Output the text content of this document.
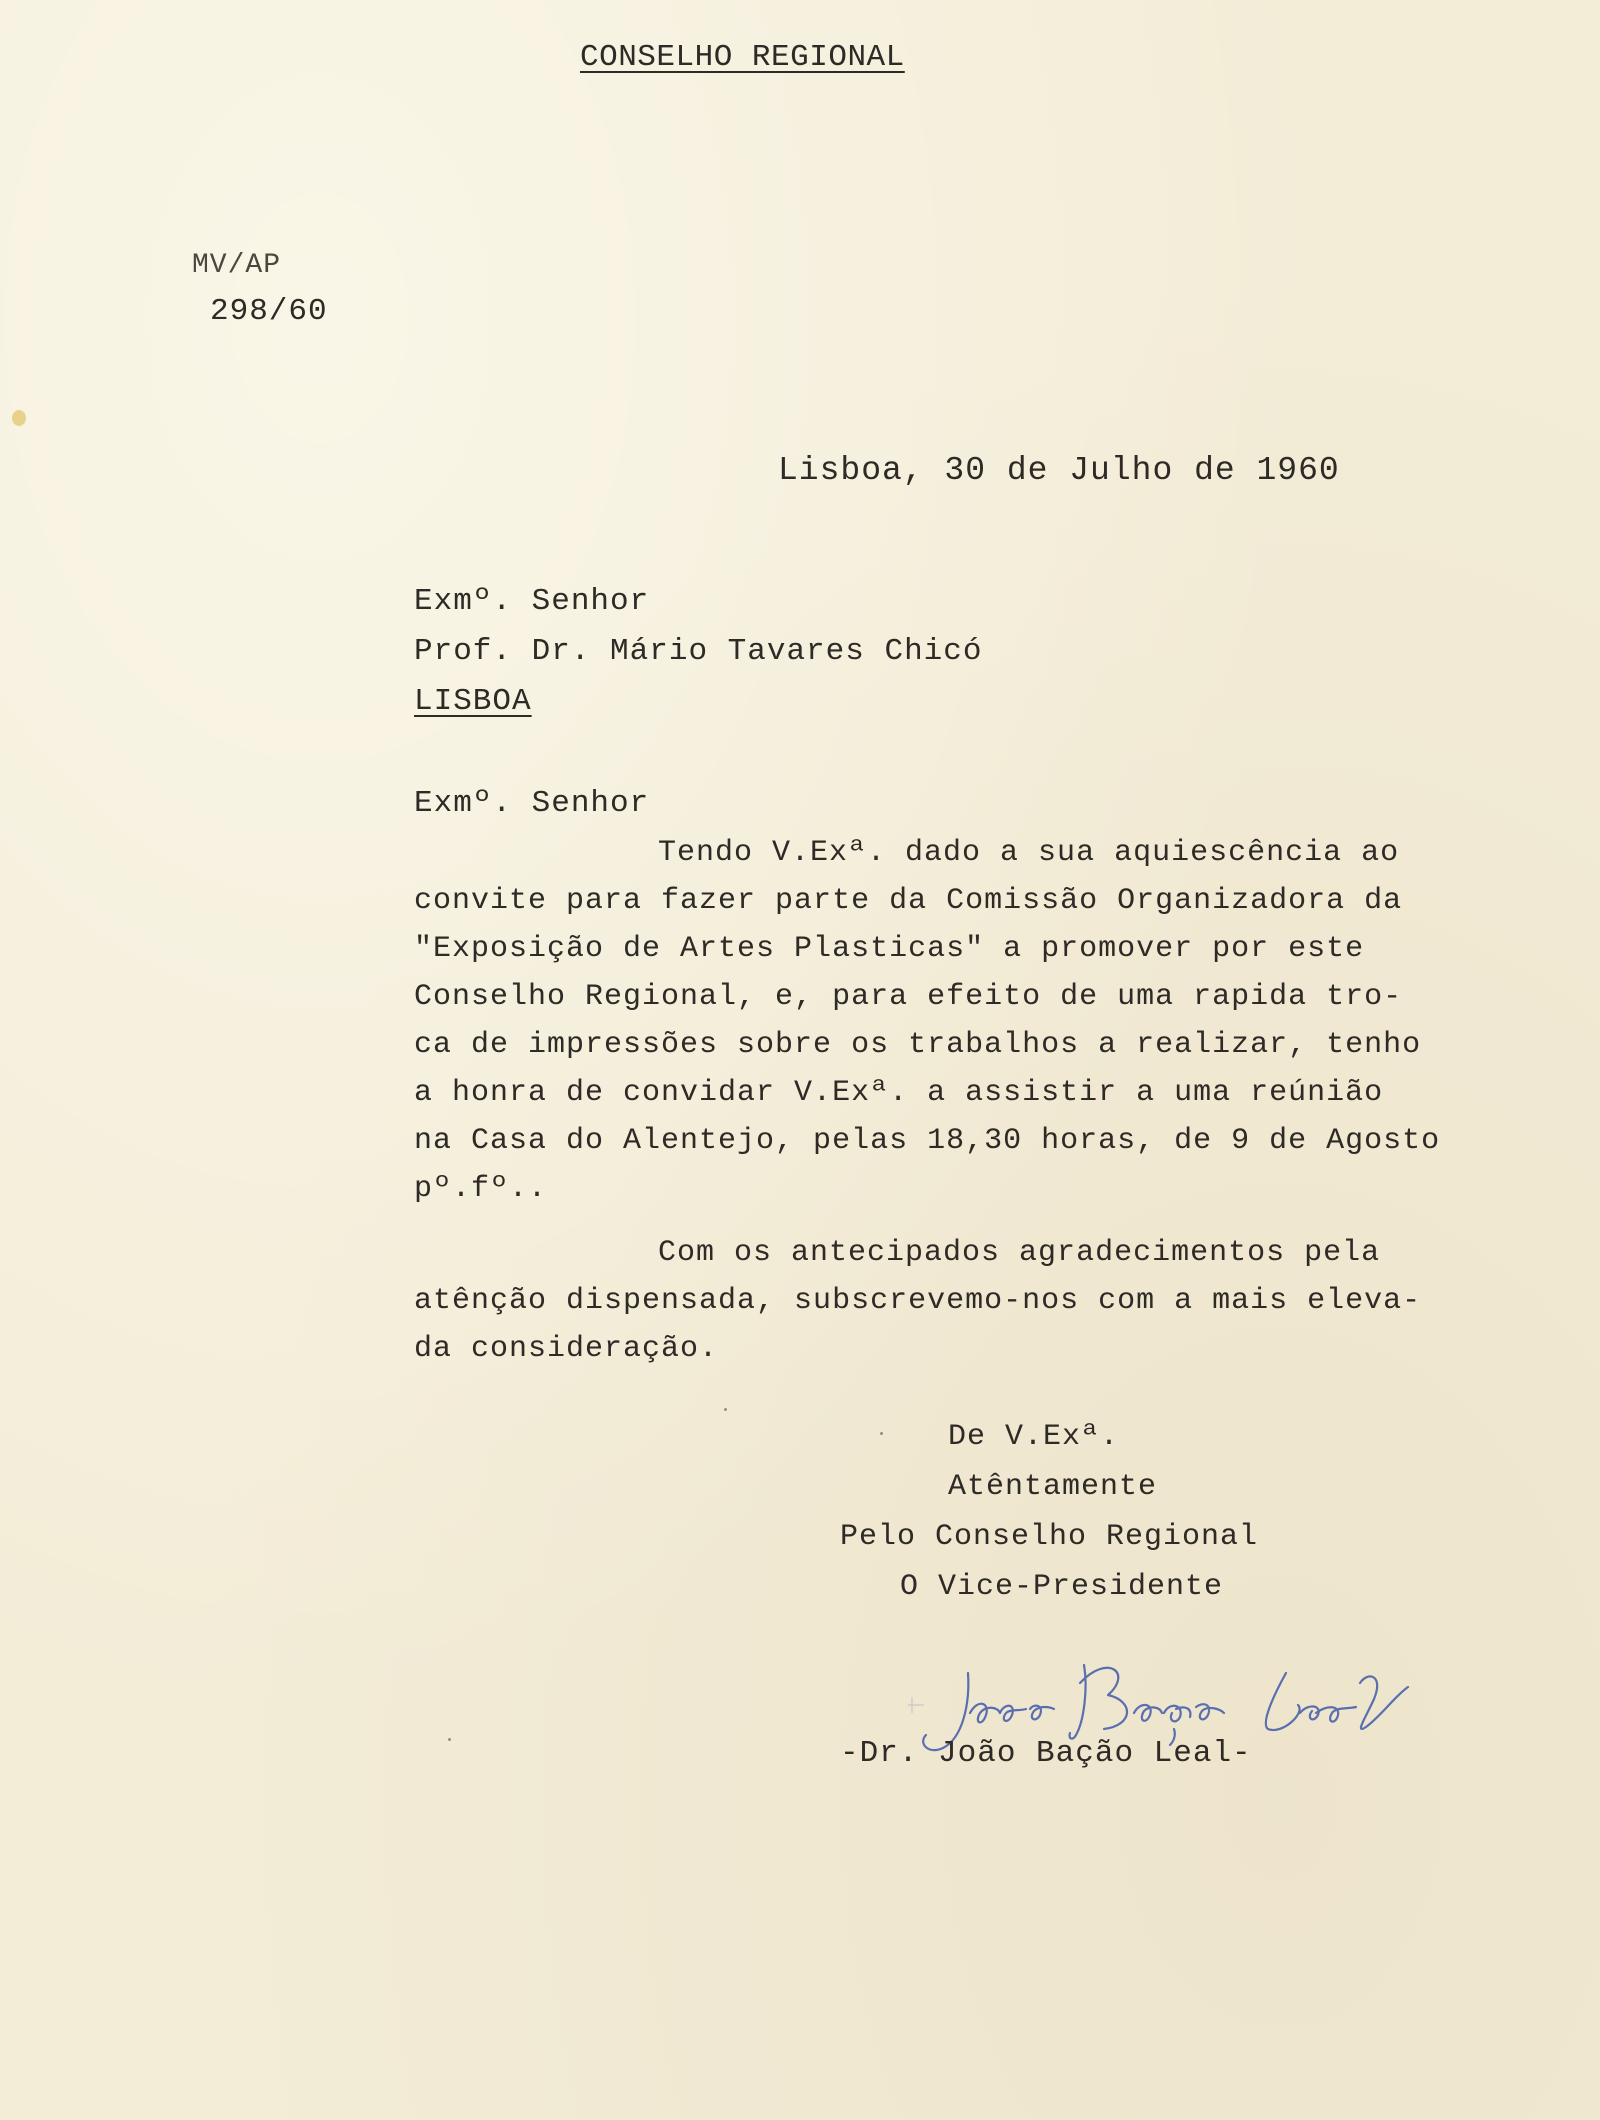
CONSELHO REGIONAL
MV/AP
298/60
Lisboa, 30 de Julho de 1960
Exmº. Senhor
Prof. Dr. Mário Tavares Chicó
LISBOA
Exmº. Senhor
Tendo V.Exª. dado a sua aquiescência ao
convite para fazer parte da Comissão Organizadora da
"Exposição de Artes Plasticas" a promover por este
Conselho Regional, e, para efeito de uma rapida tro-
ca de impressões sobre os trabalhos a realizar, tenho
a honra de convidar V.Exª. a assistir a uma reúnião
na Casa do Alentejo, pelas 18,30 horas, de 9 de Agosto
pº.fº..
Com os antecipados agradecimentos pela
atênção dispensada, subscrevemo-nos com a mais eleva-
da consideração.
De V.Exª.
Atêntamente
Pelo Conselho Regional
O Vice-Presidente

-Dr. João Bação Leal-
